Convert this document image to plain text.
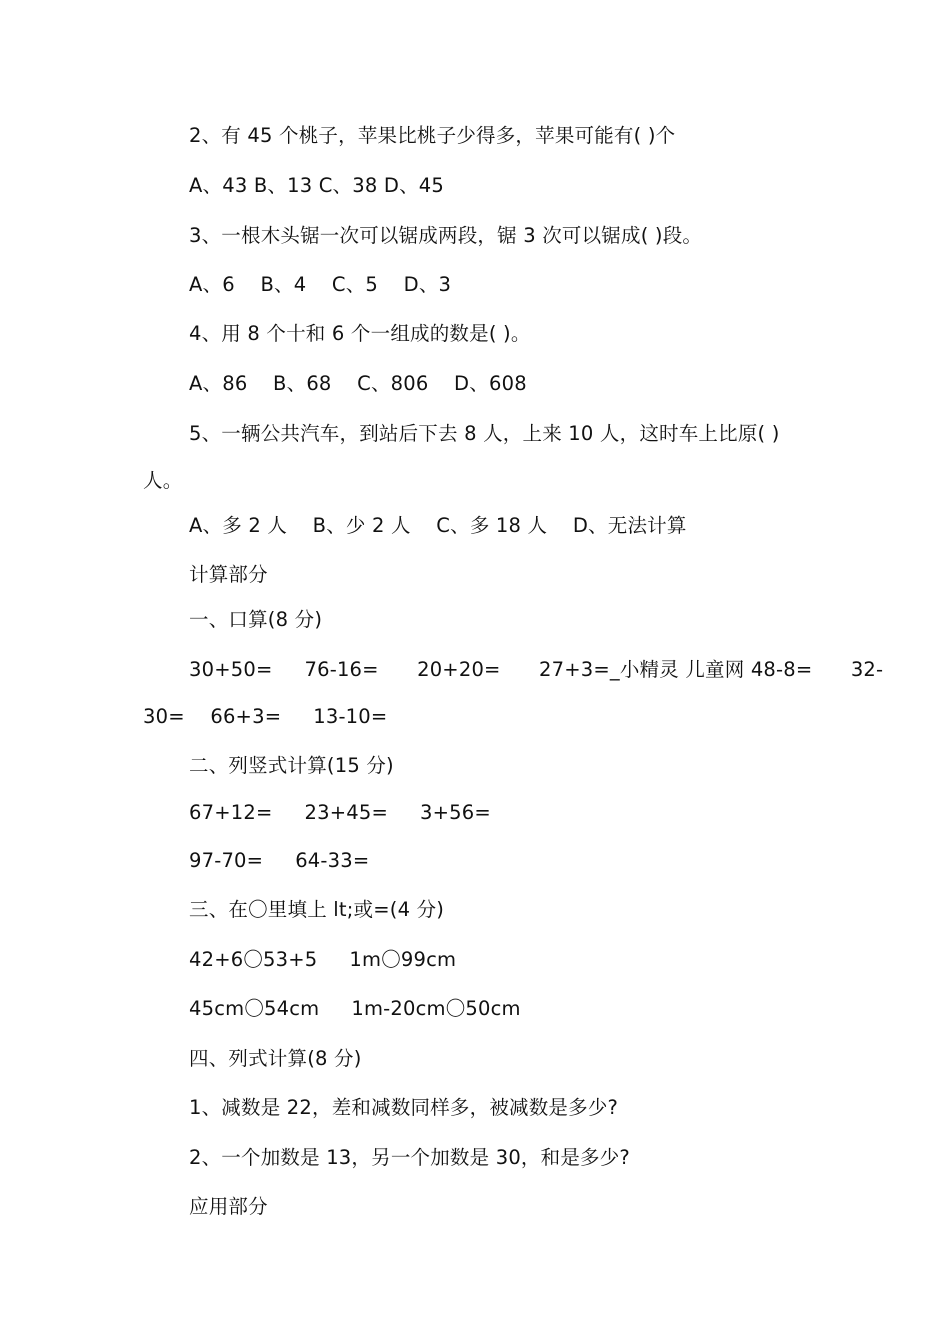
2、有 45 个桃子，苹果比桃子少得多，苹果可能有( )个
A、43 B、13 C、38 D、45
3、一根木头锯一次可以锯成两段，锯 3 次可以锯成( )段。
A、6    B、4    C、5    D、3
4、用 8 个十和 6 个一组成的数是( )。
A、86    B、68    C、806    D、608
5、一辆公共汽车，到站后下去 8 人，上来 10 人，这时车上比原( )
人。
A、多 2 人    B、少 2 人    C、多 18 人    D、无法计算
计算部分
一、口算(8 分)
30+50=     76-16=      20+20=      27+3=_小精灵 儿童网 48-8=      32-
30=    66+3=     13-10=
二、列竖式计算(15 分)
67+12=     23+45=     3+56=
97-70=     64-33=
三、在〇里填上 lt;或=(4 分)
42+6〇53+5     1m〇99cm
45cm〇54cm     1m-20cm〇50cm
四、列式计算(8 分)
1、减数是 22，差和减数同样多，被减数是多少?
2、一个加数是 13，另一个加数是 30，和是多少?
应用部分
